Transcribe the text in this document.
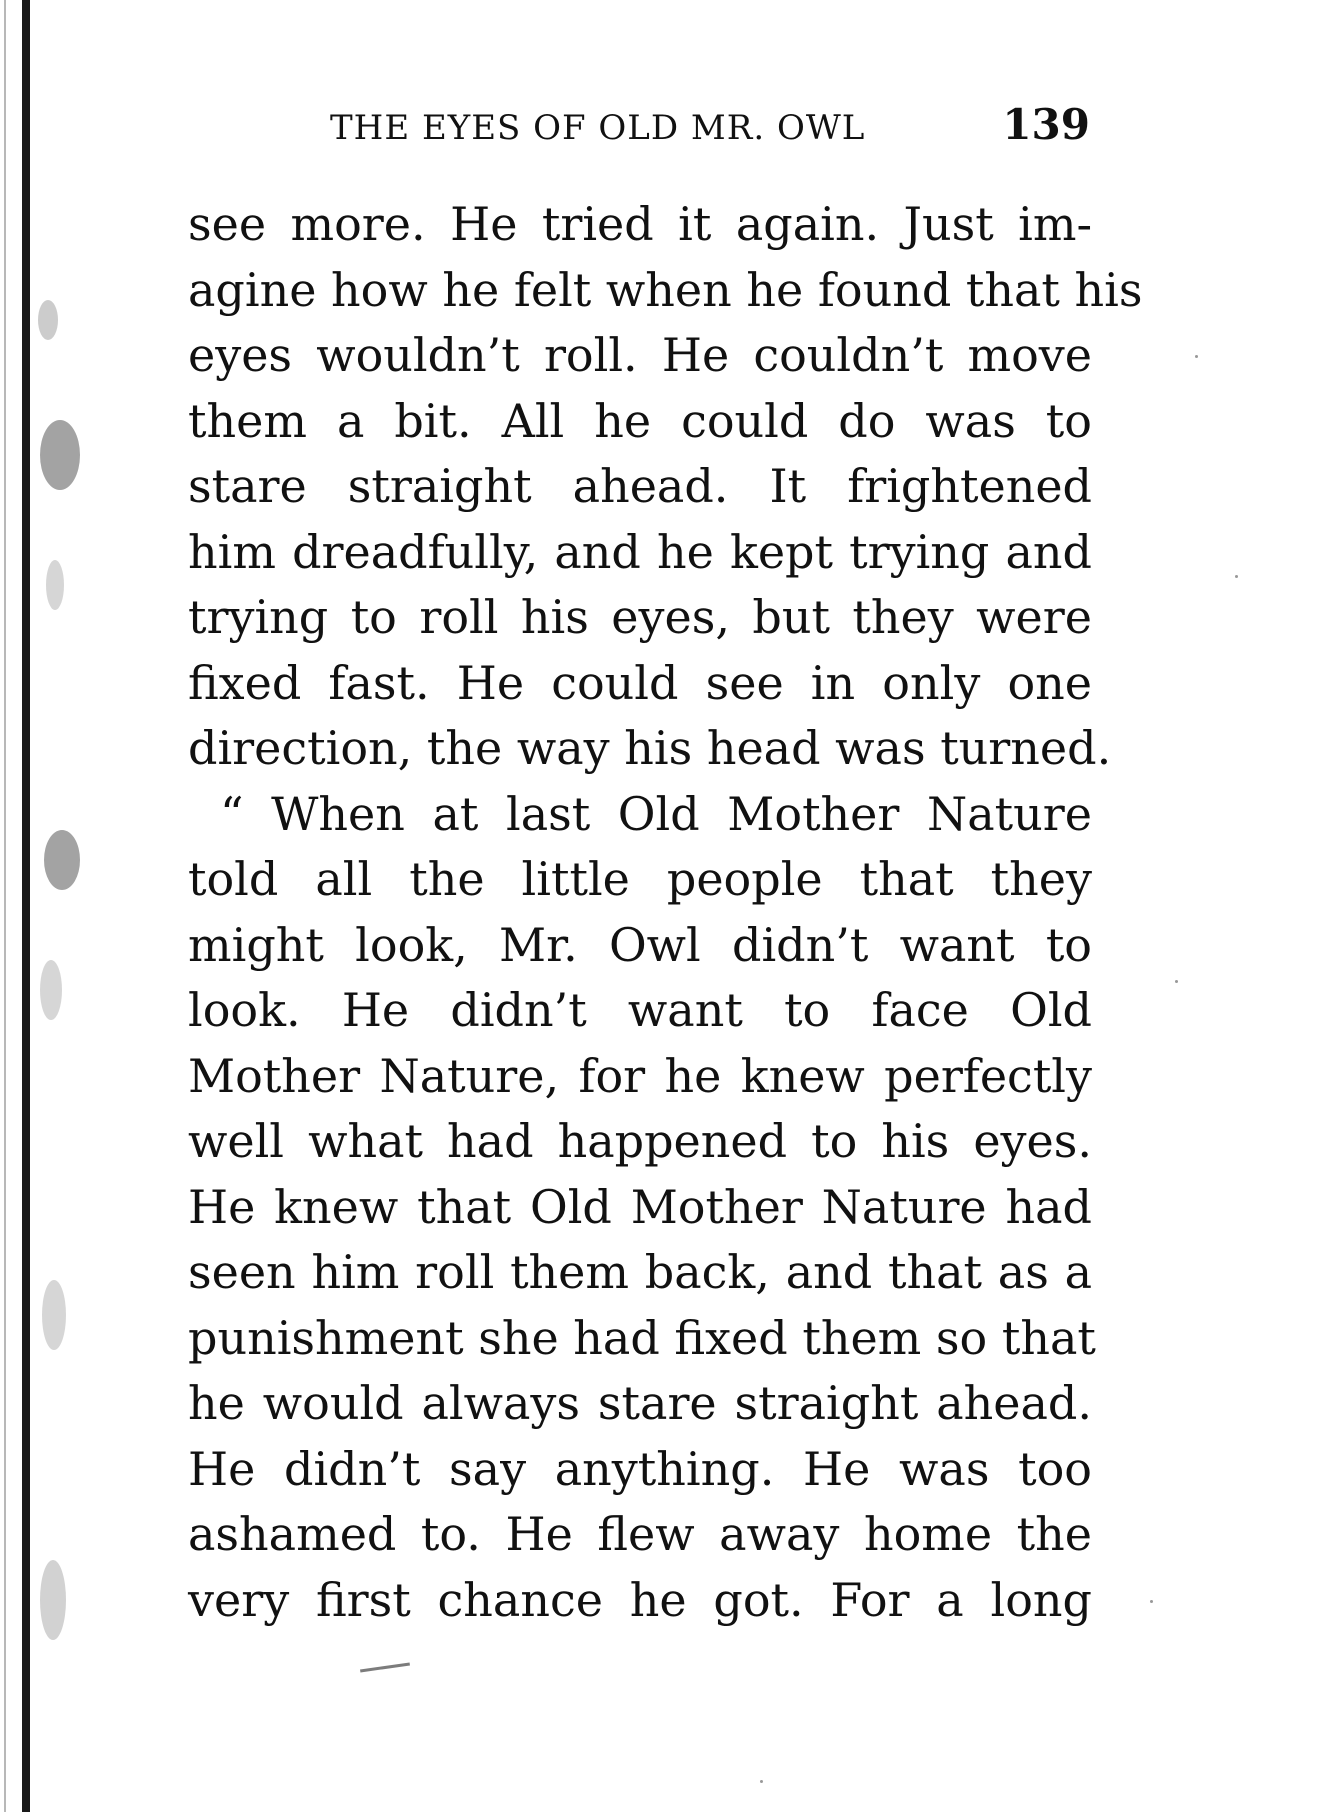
THE EYES OF OLD MR. OWL	139
see more. He tried it again. Just im-
agine how he felt when he found that his
eyes wouldn’t roll. He couldn’t move
them a bit. All he could do was to
stare straight ahead. It frightened
him dreadfully, and he kept trying and
trying to roll his eyes, but they were
fixed fast. He could see in only one
direction, the way his head was turned.
“ When at last Old Mother Nature
told all the little people that they
might look, Mr. Owl didn’t want to
look. He didn’t want to face Old
Mother Nature, for he knew perfectly
well what had happened to his eyes.
He knew that Old Mother Nature had
seen him roll them back, and that as a
punishment she had fixed them so that
he would always stare straight ahead.
He didn’t say anything. He was too
ashamed to. He flew away home the
very first chance he got. For a long
